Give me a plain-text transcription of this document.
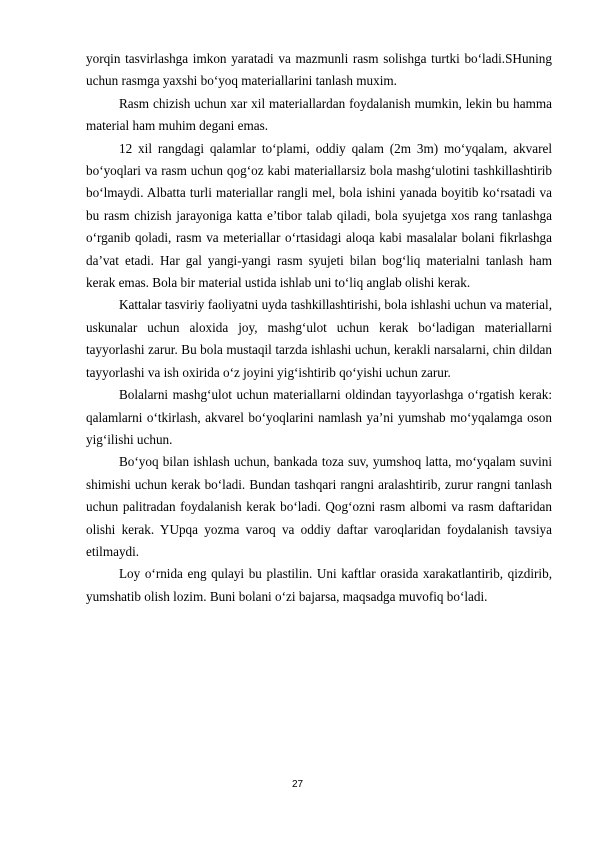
yorqin tasvirlashga imkon yaratadi va mazmunli rasm solishga turtki bo‘ladi.SHuning uchun rasmga yaxshi bo‘yoq materiallarini tanlash muxim.

Rasm chizish uchun xar xil materiallardan foydalanish mumkin, lekin bu hamma material ham muhim degani emas.

12 xil rangdagi qalamlar to‘plami, oddiy qalam (2m 3m) mo‘yqalam, akvarel bo‘yoqlari va rasm uchun qog‘oz kabi materiallarsiz bola mashg‘ulotini tashkillashtirib bo‘lmaydi. Albatta turli materiallar rangli mel, bola ishini yanada boyitib ko‘rsatadi va bu rasm chizish jarayoniga katta e’tibor talab qiladi, bola syujetga xos rang tanlashga o‘rganib qoladi, rasm va meteriallar o‘rtasidagi aloqa kabi masalalar bolani fikrlashga da’vat etadi. Har gal yangi-yangi rasm syujeti bilan bog‘liq materialni tanlash ham kerak emas. Bola bir material ustida ishlab uni to‘liq anglab olishi kerak.

Kattalar tasviriy faoliyatni uyda tashkillashtirishi, bola ishlashi uchun va material, uskunalar uchun aloxida joy, mashg‘ulot uchun kerak bo‘ladigan materiallarni tayyorlashi zarur. Bu bola mustaqil tarzda ishlashi uchun, kerakli narsalarni, chin dildan tayyorlashi va ish oxirida o‘z joyini yig‘ishtirib qo‘yishi uchun zarur.

Bolalarni mashg‘ulot uchun materiallarni oldindan tayyorlashga o‘rgatish kerak: qalamlarni o‘tkirlash, akvarel bo‘yoqlarini namlash ya’ni yumshab mo‘yqalamga oson yig‘ilishi uchun.

Bo‘yoq bilan ishlash uchun, bankada toza suv, yumshoq latta, mo‘yqalam suvini shimishi uchun kerak bo‘ladi. Bundan tashqari rangni aralashtirib, zurur rangni tanlash uchun palitradan foydalanish kerak bo‘ladi. Qog‘ozni rasm albomi va rasm daftaridan olishi kerak. YUpqa yozma varoq va oddiy daftar varoqlaridan foydalanish tavsiya etilmaydi.

Loy o‘rnida eng qulayi bu plastilin. Uni kaftlar orasida xarakatlantirib, qizdirib, yumshatib olish lozim. Buni bolani o‘zi bajarsa, maqsadga muvofiq bo‘ladi.

27
